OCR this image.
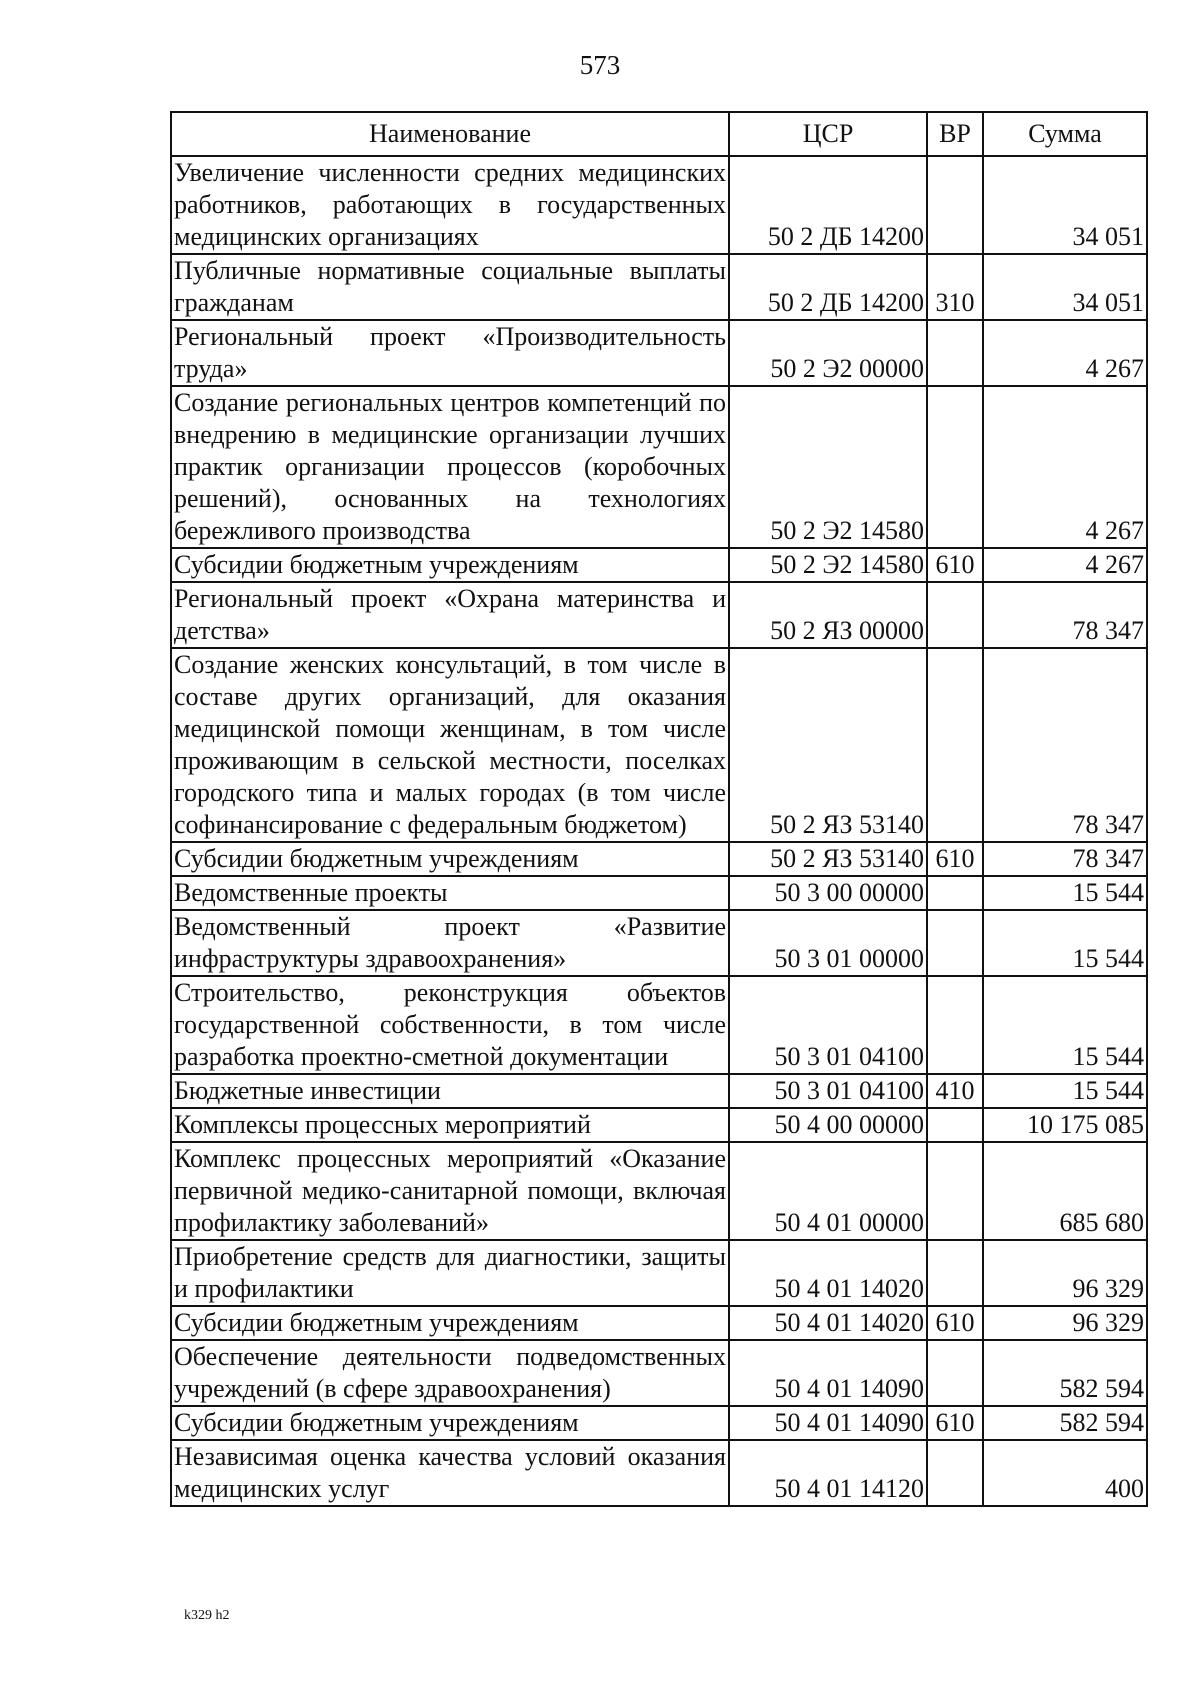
573
Наименование	ЦСР	ВР	Сумма
Увеличение численности средних медицинских работников, работающих в государственных медицинских организациях	50 2 ДБ 14200		34 051
Публичные нормативные социальные выплаты гражданам	50 2 ДБ 14200	310	34 051
Региональный проект «Производительность труда»	50 2 Э2 00000		4 267
Создание региональных центров компетенций по внедрению в медицинские организации лучших практик организации процессов (коробочных решений), основанных на технологиях бережливого производства	50 2 Э2 14580		4 267
Субсидии бюджетным учреждениям	50 2 Э2 14580	610	4 267
Региональный проект «Охрана материнства и детства»	50 2 ЯЗ 00000		78 347
Создание женских консультаций, в том числе в составе других организаций, для оказания медицинской помощи женщинам, в том числе проживающим в сельской местности, поселках городского типа и малых городах (в том числе софинансирование с федеральным бюджетом)	50 2 ЯЗ 53140		78 347
Субсидии бюджетным учреждениям	50 2 ЯЗ 53140	610	78 347
Ведомственные проекты	50 3 00 00000		15 544
Ведомственный проект «Развитие инфраструктуры здравоохранения»	50 3 01 00000		15 544
Строительство, реконструкция объектов государственной собственности, в том числе разработка проектно-сметной документации	50 3 01 04100		15 544
Бюджетные инвестиции	50 3 01 04100	410	15 544
Комплексы процессных мероприятий	50 4 00 00000		10 175 085
Комплекс процессных мероприятий «Оказание первичной медико-санитарной помощи, включая профилактику заболеваний»	50 4 01 00000		685 680
Приобретение средств для диагностики, защиты и профилактики	50 4 01 14020		96 329
Субсидии бюджетным учреждениям	50 4 01 14020	610	96 329
Обеспечение деятельности подведомственных учреждений (в сфере здравоохранения)	50 4 01 14090		582 594
Субсидии бюджетным учреждениям	50 4 01 14090	610	582 594
Независимая оценка качества условий оказания медицинских услуг	50 4 01 14120		400
k329 h2
